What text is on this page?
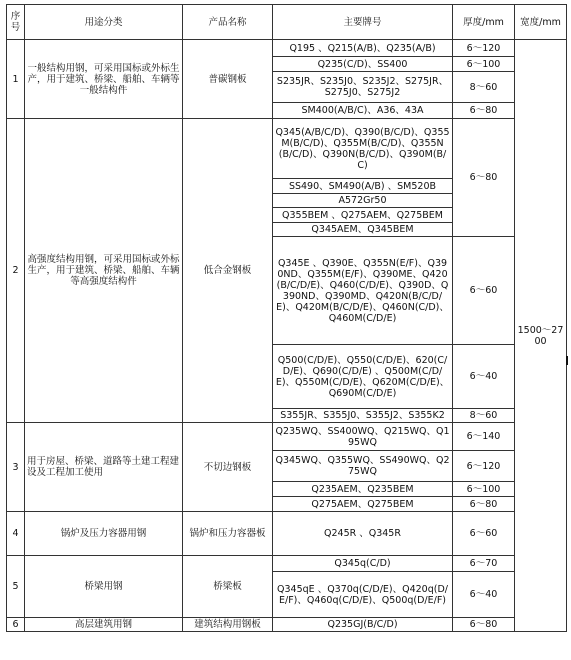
序号	用途分类	产品名称	主要牌号	厚度/mm	宽度/mm
1	一般结构用钢，可采用国标或外标生产，用于建筑、桥梁、船舶、车辆等一般结构件	普碳钢板	Q195 、Q215(A/B)、Q235(A/B)	6～120	1500～2700
			Q235(C/D)、SS400	6～100	
			S235JR、S235J0、S235J2、S275JR、S275J0、S275J2	8～60	
			SM400(A/B/C)、A36、43A	6～80	
2	高强度结构用钢，可采用国标或外标生产，用于建筑、桥梁、船舶、车辆等高强度结构件	低合金钢板	Q345(A/B/C/D)、Q390(B/C/D)、Q355M(B/C/D)、Q355M(B/C/D)、Q355N(B/C/D)、Q390N(B/C/D)、Q390M(B/C)	6～80	
			SS490、SM490(A/B) 、SM520B		
			A572Gr50		
			Q355BEM 、Q275AEM、Q275BEM		
			Q345AEM、Q345BEM		
			Q345E 、Q390E、Q355N(E/F)、Q390ND、Q355M(E/F)、Q390ME、Q420(B/C/D/E)、Q460(C/D/E)、Q390D、Q390ND、Q390MD、Q420N(B/C/D/E)、Q420M(B/C/D/E)、Q460N(C/D)、Q460M(C/D/E)	6～60	
			Q500(C/D/E)、Q550(C/D/E)、620(C/D/E)、Q690(C/D/E) 、Q500M(C/D/E)、Q550M(C/D/E)、Q620M(C/D/E)、Q690M(C/D/E)	6～40	
			S355JR、S355J0、S355J2、S355K2	8～60	
3	用于房屋、桥梁、道路等土建工程建设及工程加工使用	不切边钢板	Q235WQ、SS400WQ、Q215WQ、Q195WQ	6～140	
			Q345WQ、Q355WQ、SS490WQ、Q275WQ	6～120	
			Q235AEM、Q235BEM	6～100	
			Q275AEM、Q275BEM	6～80	
4	锅炉及压力容器用钢	锅炉和压力容器板	Q245R 、Q345R	6～60	
5	桥梁用钢	桥梁板	Q345q(C/D)	6～70	
			Q345qE 、Q370q(C/D/E)、Q420q(D/E/F)、Q460q(C/D/E)、Q500q(D/E/F)	6～40	
6	高层建筑用钢	建筑结构用钢板	Q235GJ(B/C/D)	6～80	
